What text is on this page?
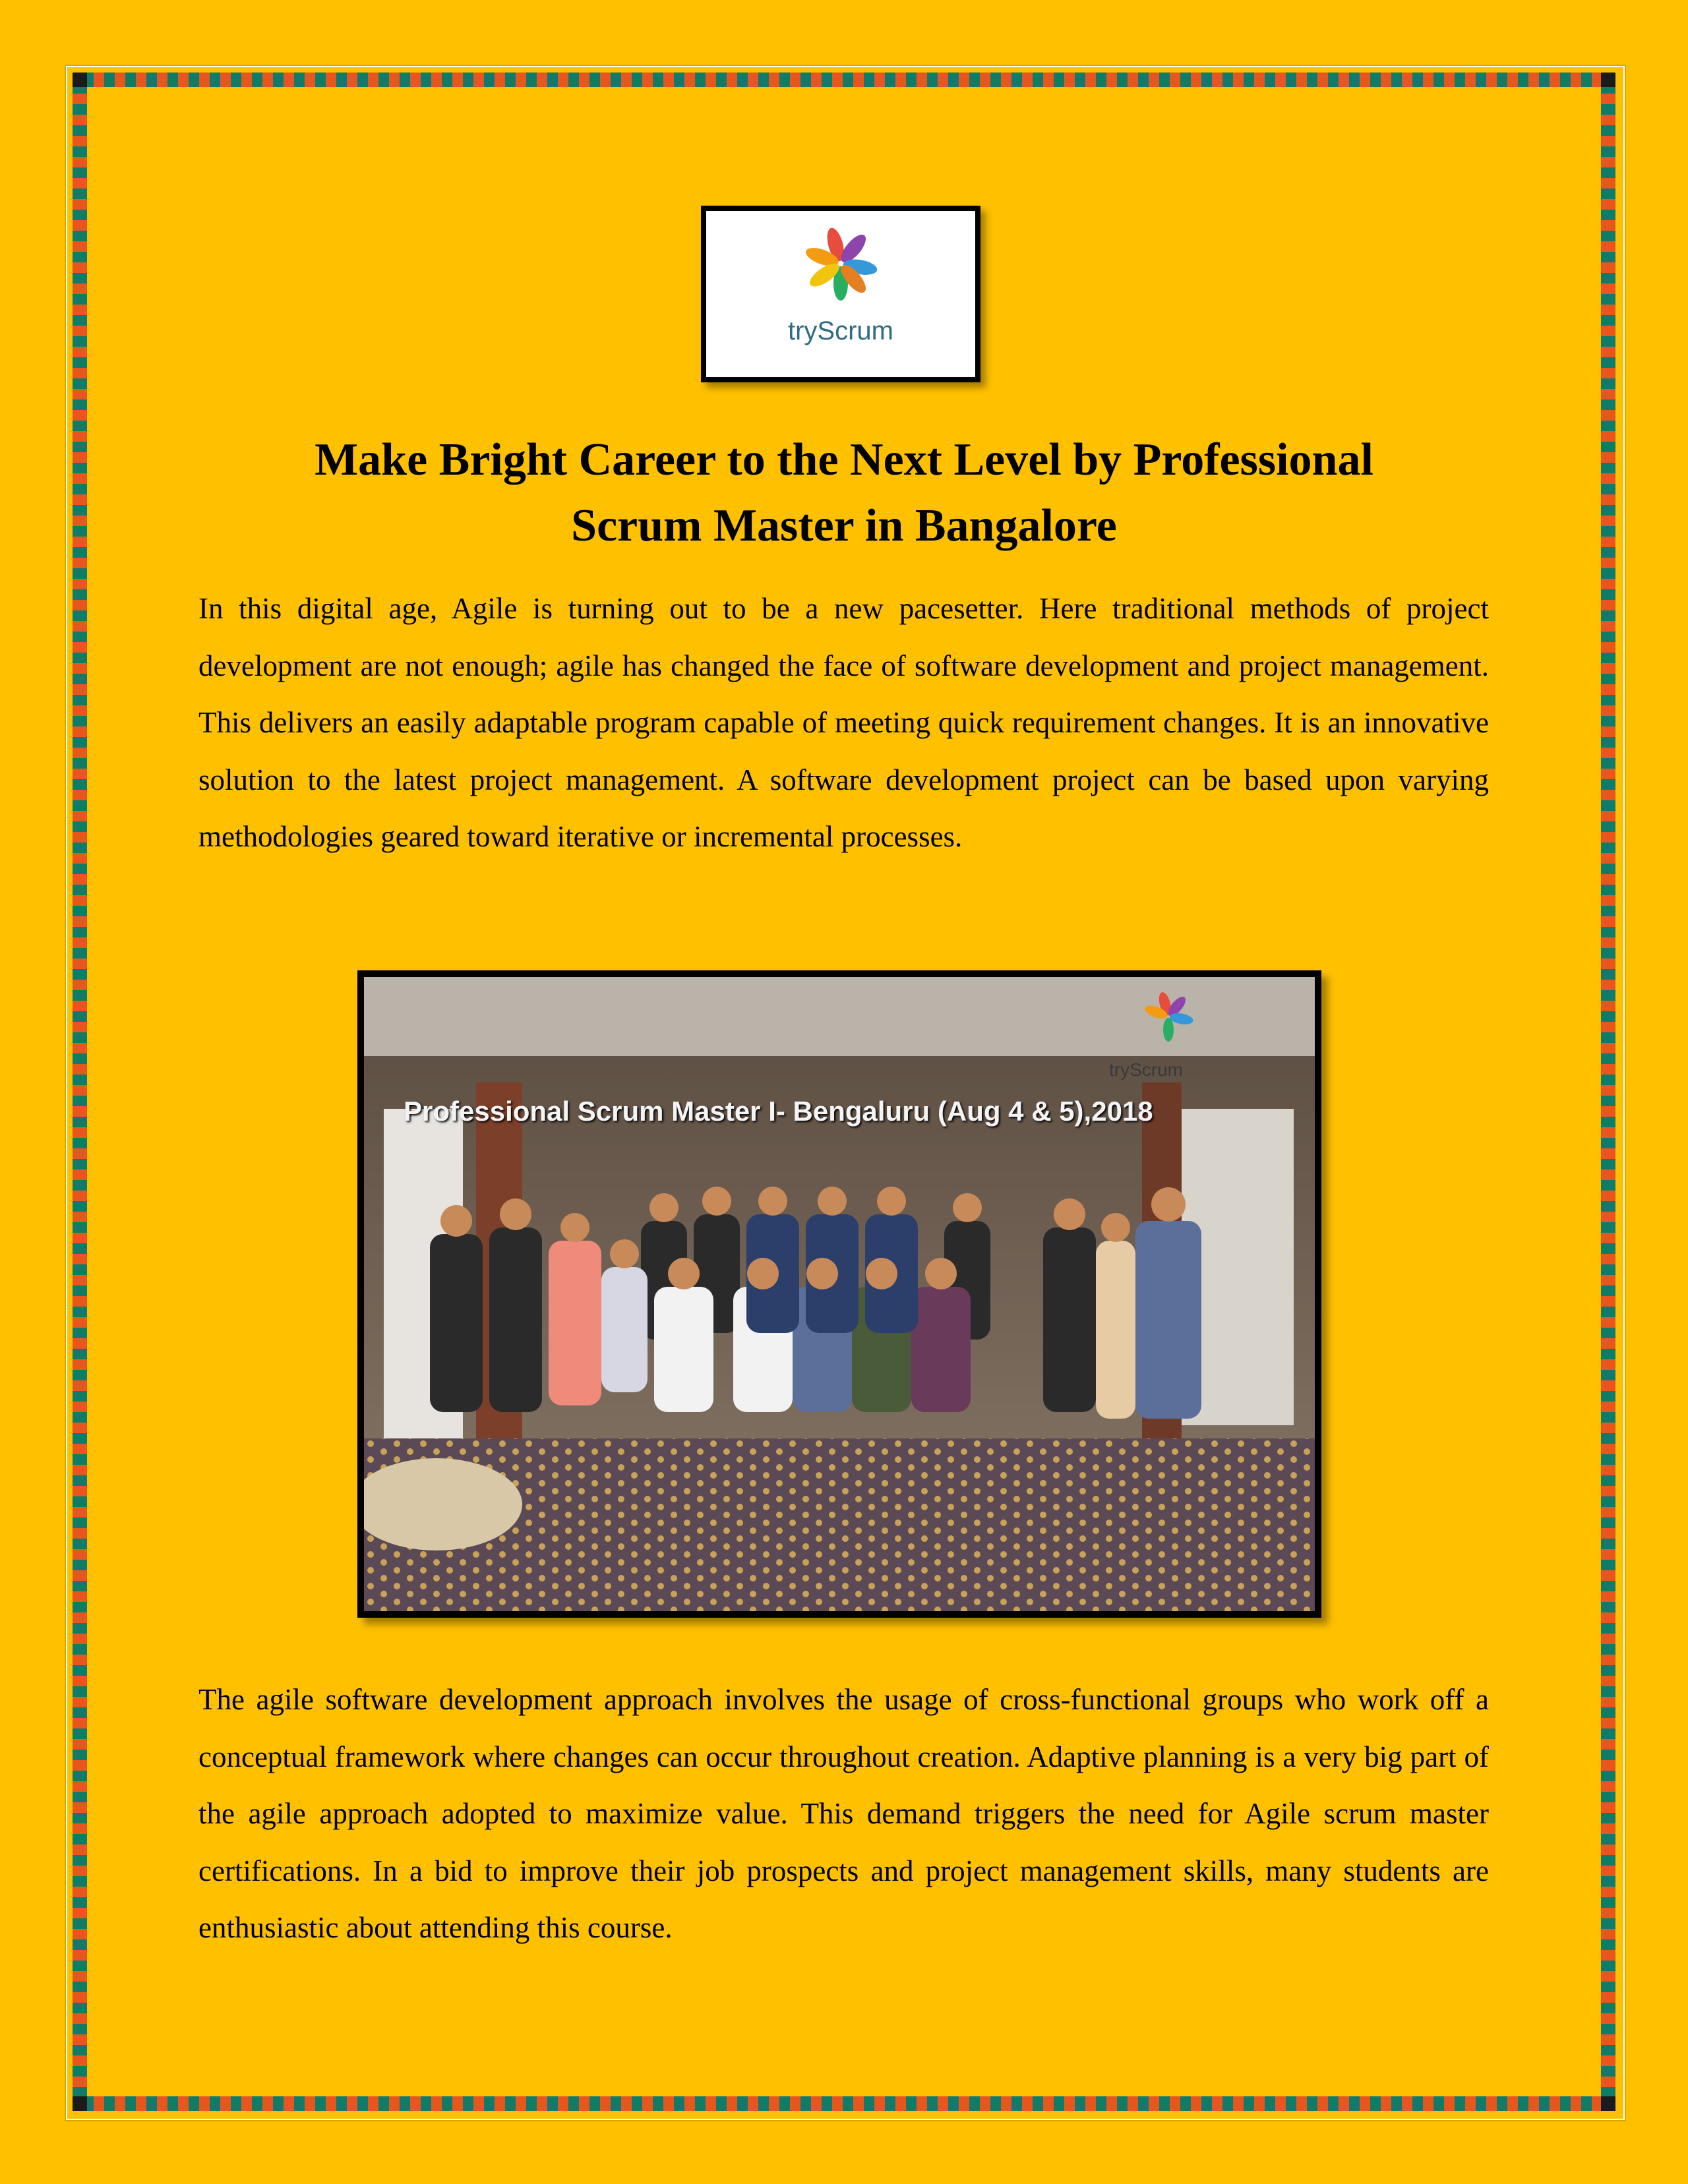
tryScrum
Make Bright Career to the Next Level by Professional
Scrum Master in Bangalore

In this digital age, Agile is turning out to be a new pacesetter. Here traditional methods of project development are not enough; agile has changed the face of software development and project management. This delivers an easily adaptable program capable of meeting quick requirement changes. It is an innovative solution to the latest project management. A software development project can be based upon varying methodologies geared toward iterative or incremental processes.

tryScrum
Professional Scrum Master I- Bengaluru (Aug 4 & 5),2018

The agile software development approach involves the usage of cross-functional groups who work off a conceptual framework where changes can occur throughout creation. Adaptive planning is a very big part of the agile approach adopted to maximize value. This demand triggers the need for Agile scrum master certifications. In a bid to improve their job prospects and project management skills, many students are enthusiastic about attending this course.
